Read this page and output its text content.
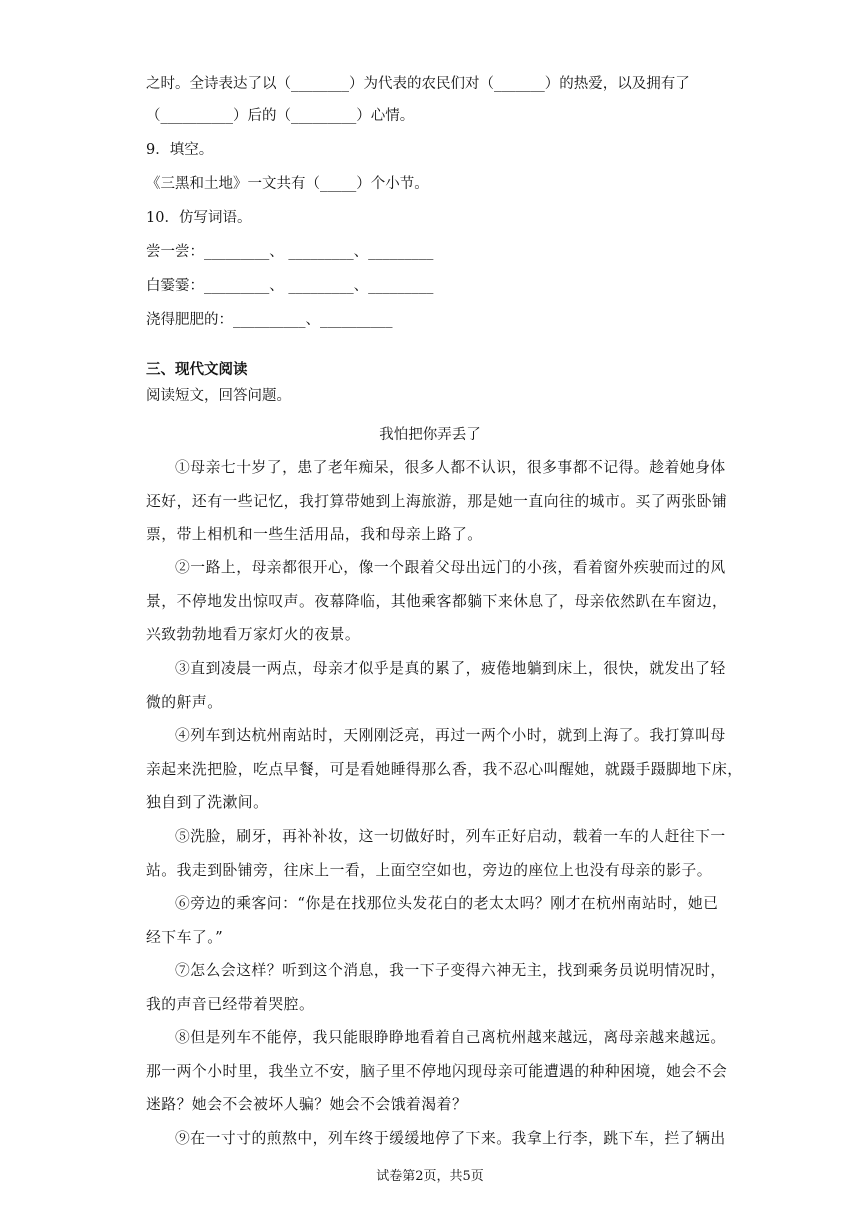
之时。全诗表达了以（________）为代表的农民们对（_______）的热爱，以及拥有了
（__________）后的（_________）心情。
9．填空。
《三黑和土地》一文共有（_____）个小节。
10．仿写词语。
尝一尝：_________、 _________、_________
白霎霎：_________、 _________、_________
浇得肥肥的：__________、__________
三、现代文阅读
阅读短文，回答问题。
我怕把你弄丢了
①母亲七十岁了，患了老年痴呆，很多人都不认识，很多事都不记得。趁着她身体
还好，还有一些记忆，我打算带她到上海旅游，那是她一直向往的城市。买了两张卧铺
票，带上相机和一些生活用品，我和母亲上路了。
②一路上，母亲都很开心，像一个跟着父母出远门的小孩，看着窗外疾驶而过的风
景，不停地发出惊叹声。夜幕降临，其他乘客都躺下来休息了，母亲依然趴在车窗边，
兴致勃勃地看万家灯火的夜景。
③直到凌晨一两点，母亲才似乎是真的累了，疲倦地躺到床上，很快，就发出了轻
微的鼾声。
④列车到达杭州南站时，天刚刚泛亮，再过一两个小时，就到上海了。我打算叫母
亲起来洗把脸，吃点早餐，可是看她睡得那么香，我不忍心叫醒她，就蹑手蹑脚地下床，
独自到了洗漱间。
⑤洗脸，刷牙，再补补妆，这一切做好时，列车正好启动，载着一车的人赶往下一
站。我走到卧铺旁，往床上一看，上面空空如也，旁边的座位上也没有母亲的影子。
⑥旁边的乘客问：“你是在找那位头发花白的老太太吗？刚才在杭州南站时，她已
经下车了。”
⑦怎么会这样？听到这个消息，我一下子变得六神无主，找到乘务员说明情况时，
我的声音已经带着哭腔。
⑧但是列车不能停，我只能眼睁睁地看着自己离杭州越来越远，离母亲越来越远。
那一两个小时里，我坐立不安，脑子里不停地闪现母亲可能遭遇的种种困境，她会不会
迷路？她会不会被坏人骗？她会不会饿着渴着？
⑨在一寸寸的煎熬中，列车终于缓缓地停了下来。我拿上行李，跳下车，拦了辆出
试卷第2页，共5页
